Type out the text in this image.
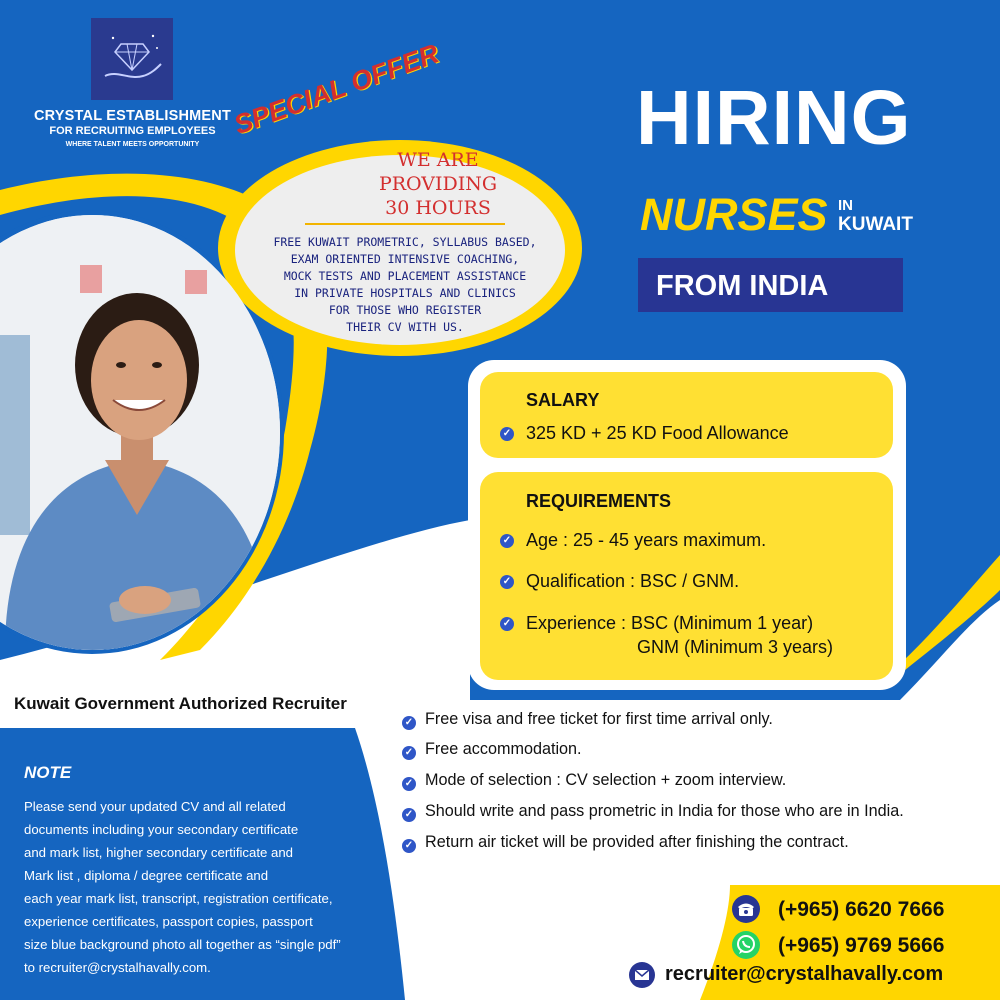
CRYSTAL ESTABLISHMENT
FOR RECRUITING EMPLOYEES
WHERE TALENT MEETS OPPORTUNITY	HIRING
NURSES IN
KUWAIT
FROM INDIA
SPECIAL OFFER
WE ARE
PROVIDING
30 HOURS
FREE KUWAIT PROMETRIC, SYLLABUS BASED,
EXAM ORIENTED INTENSIVE COACHING,
MOCK TESTS AND PLACEMENT ASSISTANCE
IN PRIVATE HOSPITALS AND CLINICS
FOR THOSE WHO REGISTER
THEIR CV WITH US.
SALARY
✓ 325 KD + 25 KD Food Allowance
REQUIREMENTS
✓ Age : 25 - 45 years maximum.
✓ Qualification : BSC / GNM.
✓ Experience : BSC (Minimum 1 year)
GNM (Minimum 3 years)
Kuwait Government Authorized Recruiter
✓ Free visa and free ticket for first time arrival only.
✓ Free accommodation.
✓ Mode of selection : CV selection + zoom interview.
✓ Should write and pass prometric in India for those who are in India.
✓ Return air ticket will be provided after finishing the contract.
NOTE
Please send your updated CV and all related
documents including your secondary certificate
and mark list, higher secondary certificate and
Mark list , diploma / degree certificate and
each year mark list, transcript, registration certificate,
experience certificates, passport copies, passport
size blue background photo all together as “single pdf”
to recruiter@crystalhavally.com.
(+965) 6620 7666
(+965) 9769 5666
recruiter@crystalhavally.com
